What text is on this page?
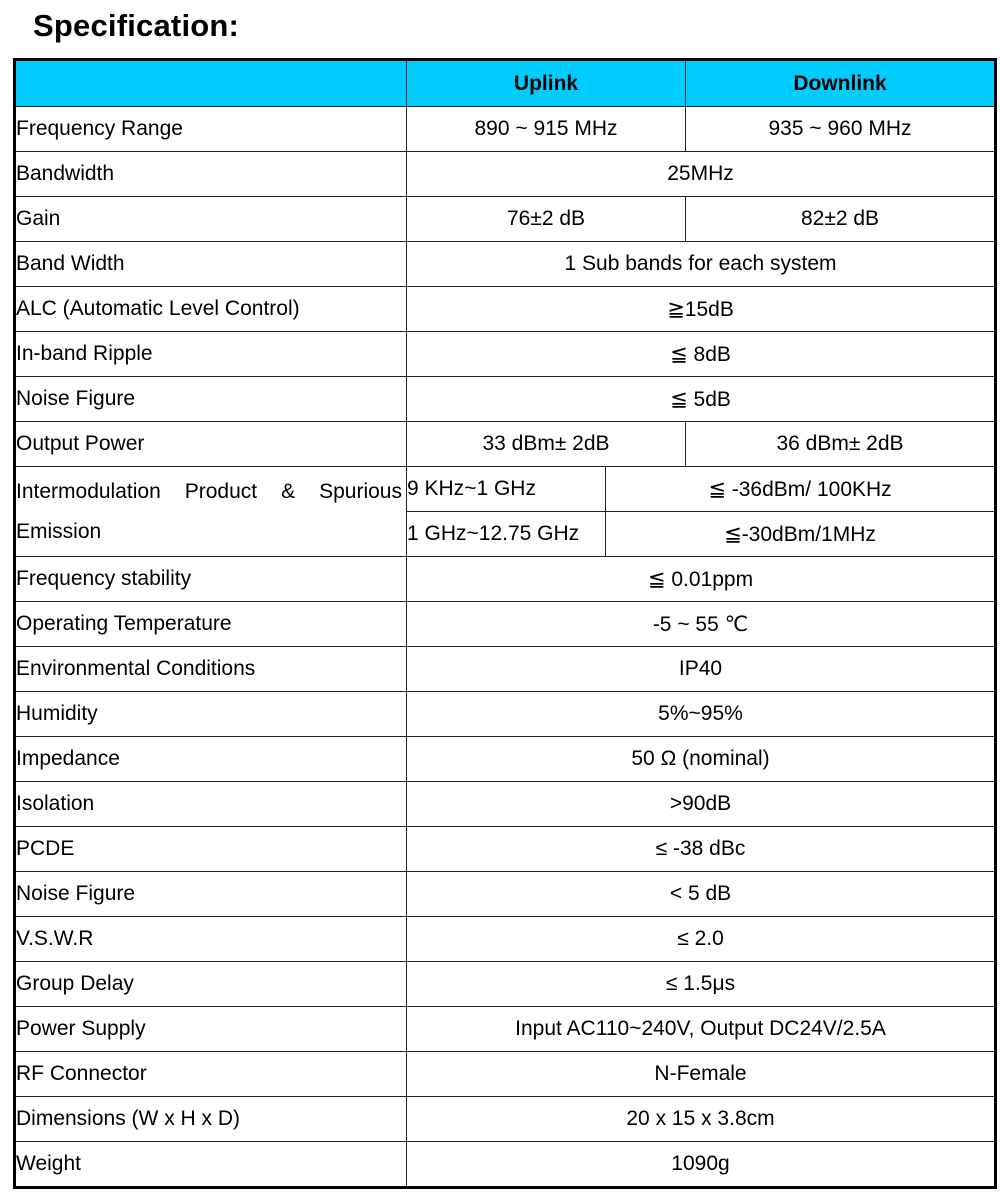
Specification:
	Uplink		Downlink
Frequency Range	890 ~ 915 MHz		935 ~ 960 MHz
Bandwidth	25MHz		
Gain	76±2 dB		82±2 dB
Band Width	1 Sub bands for each system		
ALC (Automatic Level Control)	≧15dB		
In-band Ripple	≦ 8dB		
Noise Figure	≦ 5dB		
Output Power	33 dBm± 2dB		36 dBm± 2dB

Intermodulation Product & Spurious
Emission	9 KHz~1 GHz	≦ -36dBm/ 100KHz	
	1 GHz~12.75 GHz	≦-30dBm/1MHz	
Frequency stability	≦ 0.01ppm		
Operating Temperature	-5 ~ 55 ℃		
Environmental Conditions	IP40		
Humidity	5%~95%		
Impedance	50 Ω (nominal)		
Isolation	>90dB		
PCDE	≤ -38 dBc		
Noise Figure	< 5 dB		
V.S.W.R	≤ 2.0		
Group Delay	≤ 1.5μs		
Power Supply	Input AC110~240V, Output DC24V/2.5A		
RF Connector	N-Female		
Dimensions (W x H x D)	20 x 15 x 3.8cm		
Weight	1090g		
